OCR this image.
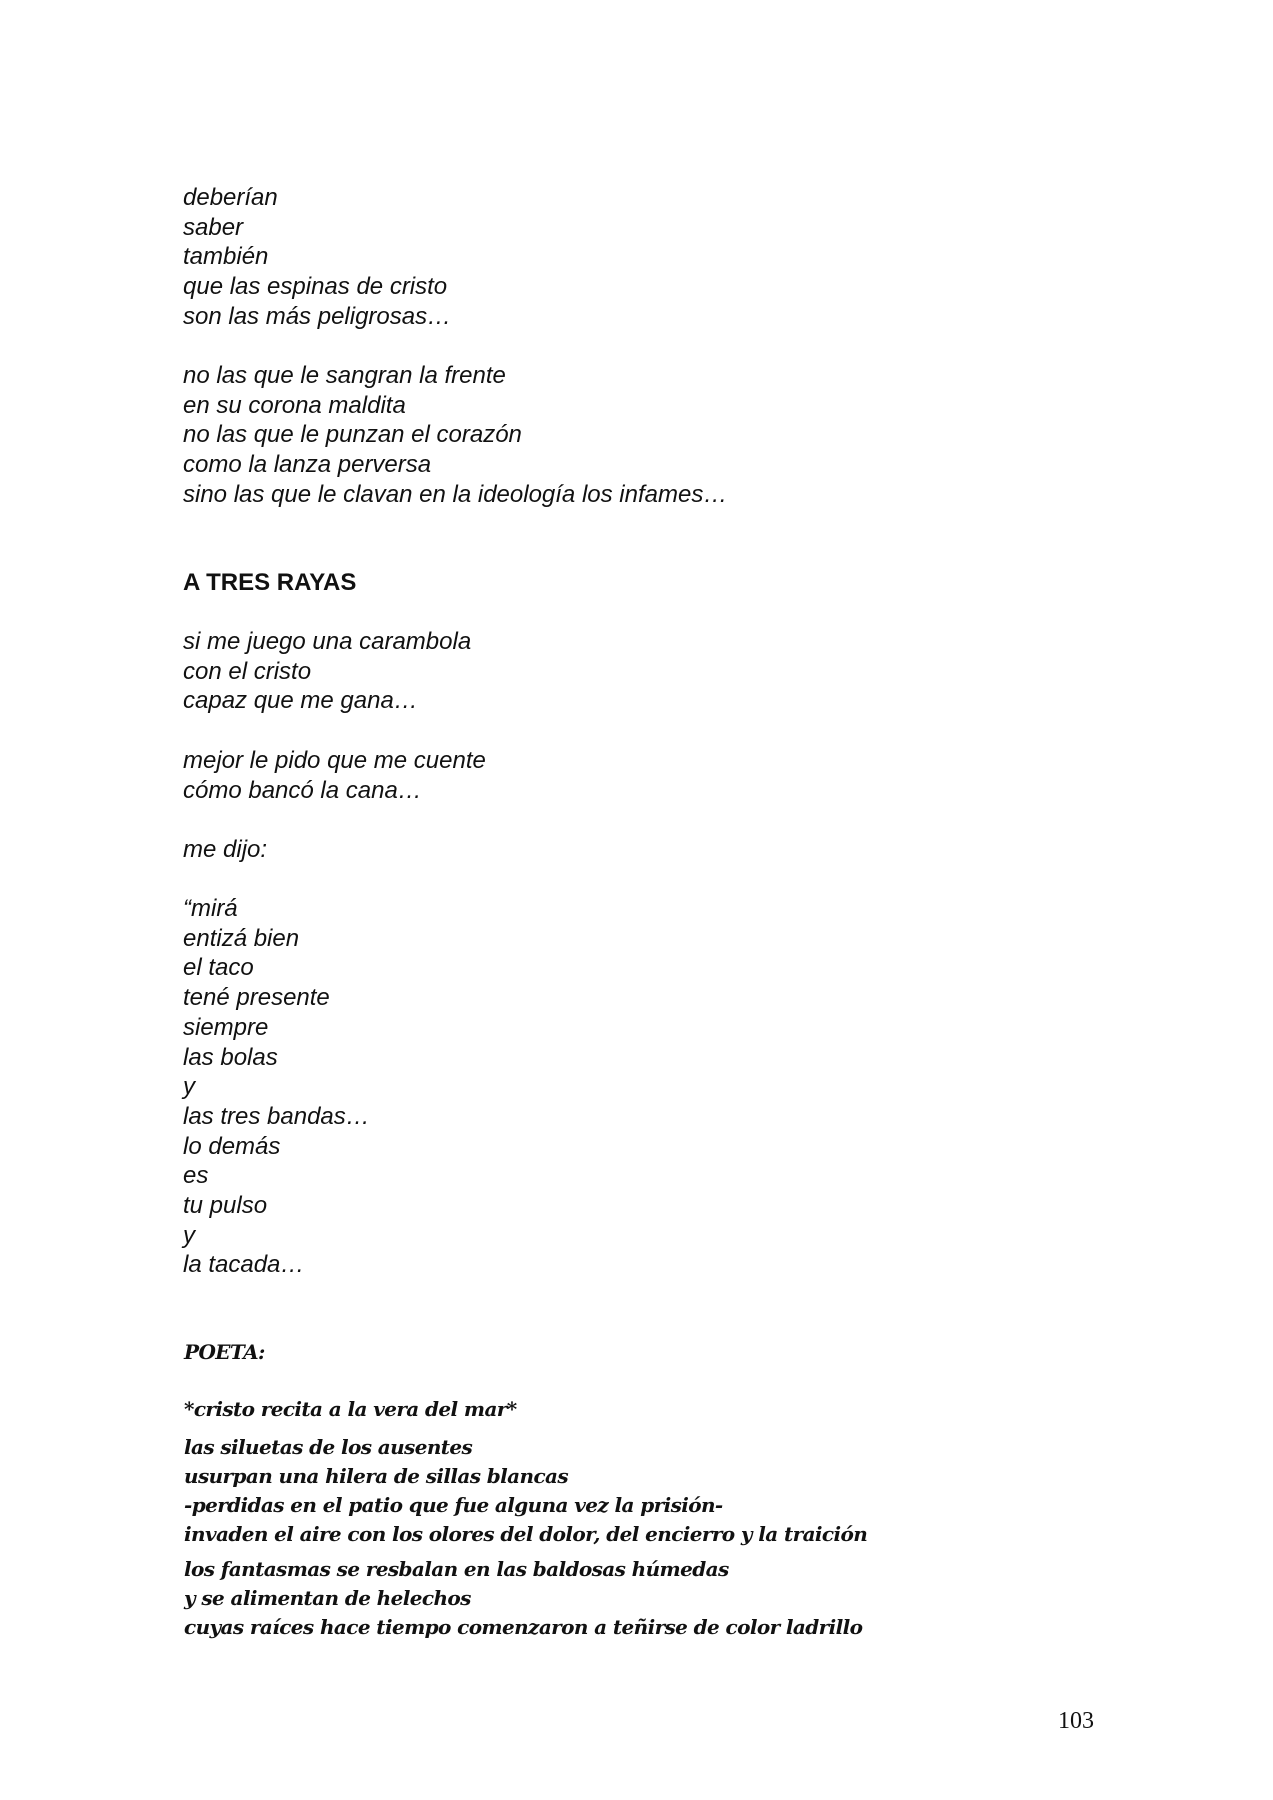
deberían
saber
también
que las espinas de cristo
son las más peligrosas…
no las que le sangran la frente
en su corona maldita
no las que le punzan el corazón
como la lanza perversa
sino las que le clavan en la ideología los infames…
A TRES RAYAS
si me juego una carambola
con el cristo
capaz que me gana…
mejor le pido que me cuente
cómo bancó la cana…
me dijo:
“mirá
entizá bien
el taco
tené presente
siempre
las bolas
y
las tres bandas…
lo demás
es
tu pulso
y
la tacada…

POETA:

*cristo recita a la vera del mar*

las siluetas de los ausentes
usurpan una hilera de sillas blancas
-perdidas en el patio que fue alguna vez la prisión-
invaden el aire con los olores del dolor, del encierro y la traición
los fantasmas se resbalan en las baldosas húmedas
y se alimentan de helechos
cuyas raíces hace tiempo comenzaron a teñirse de color ladrillo

103
